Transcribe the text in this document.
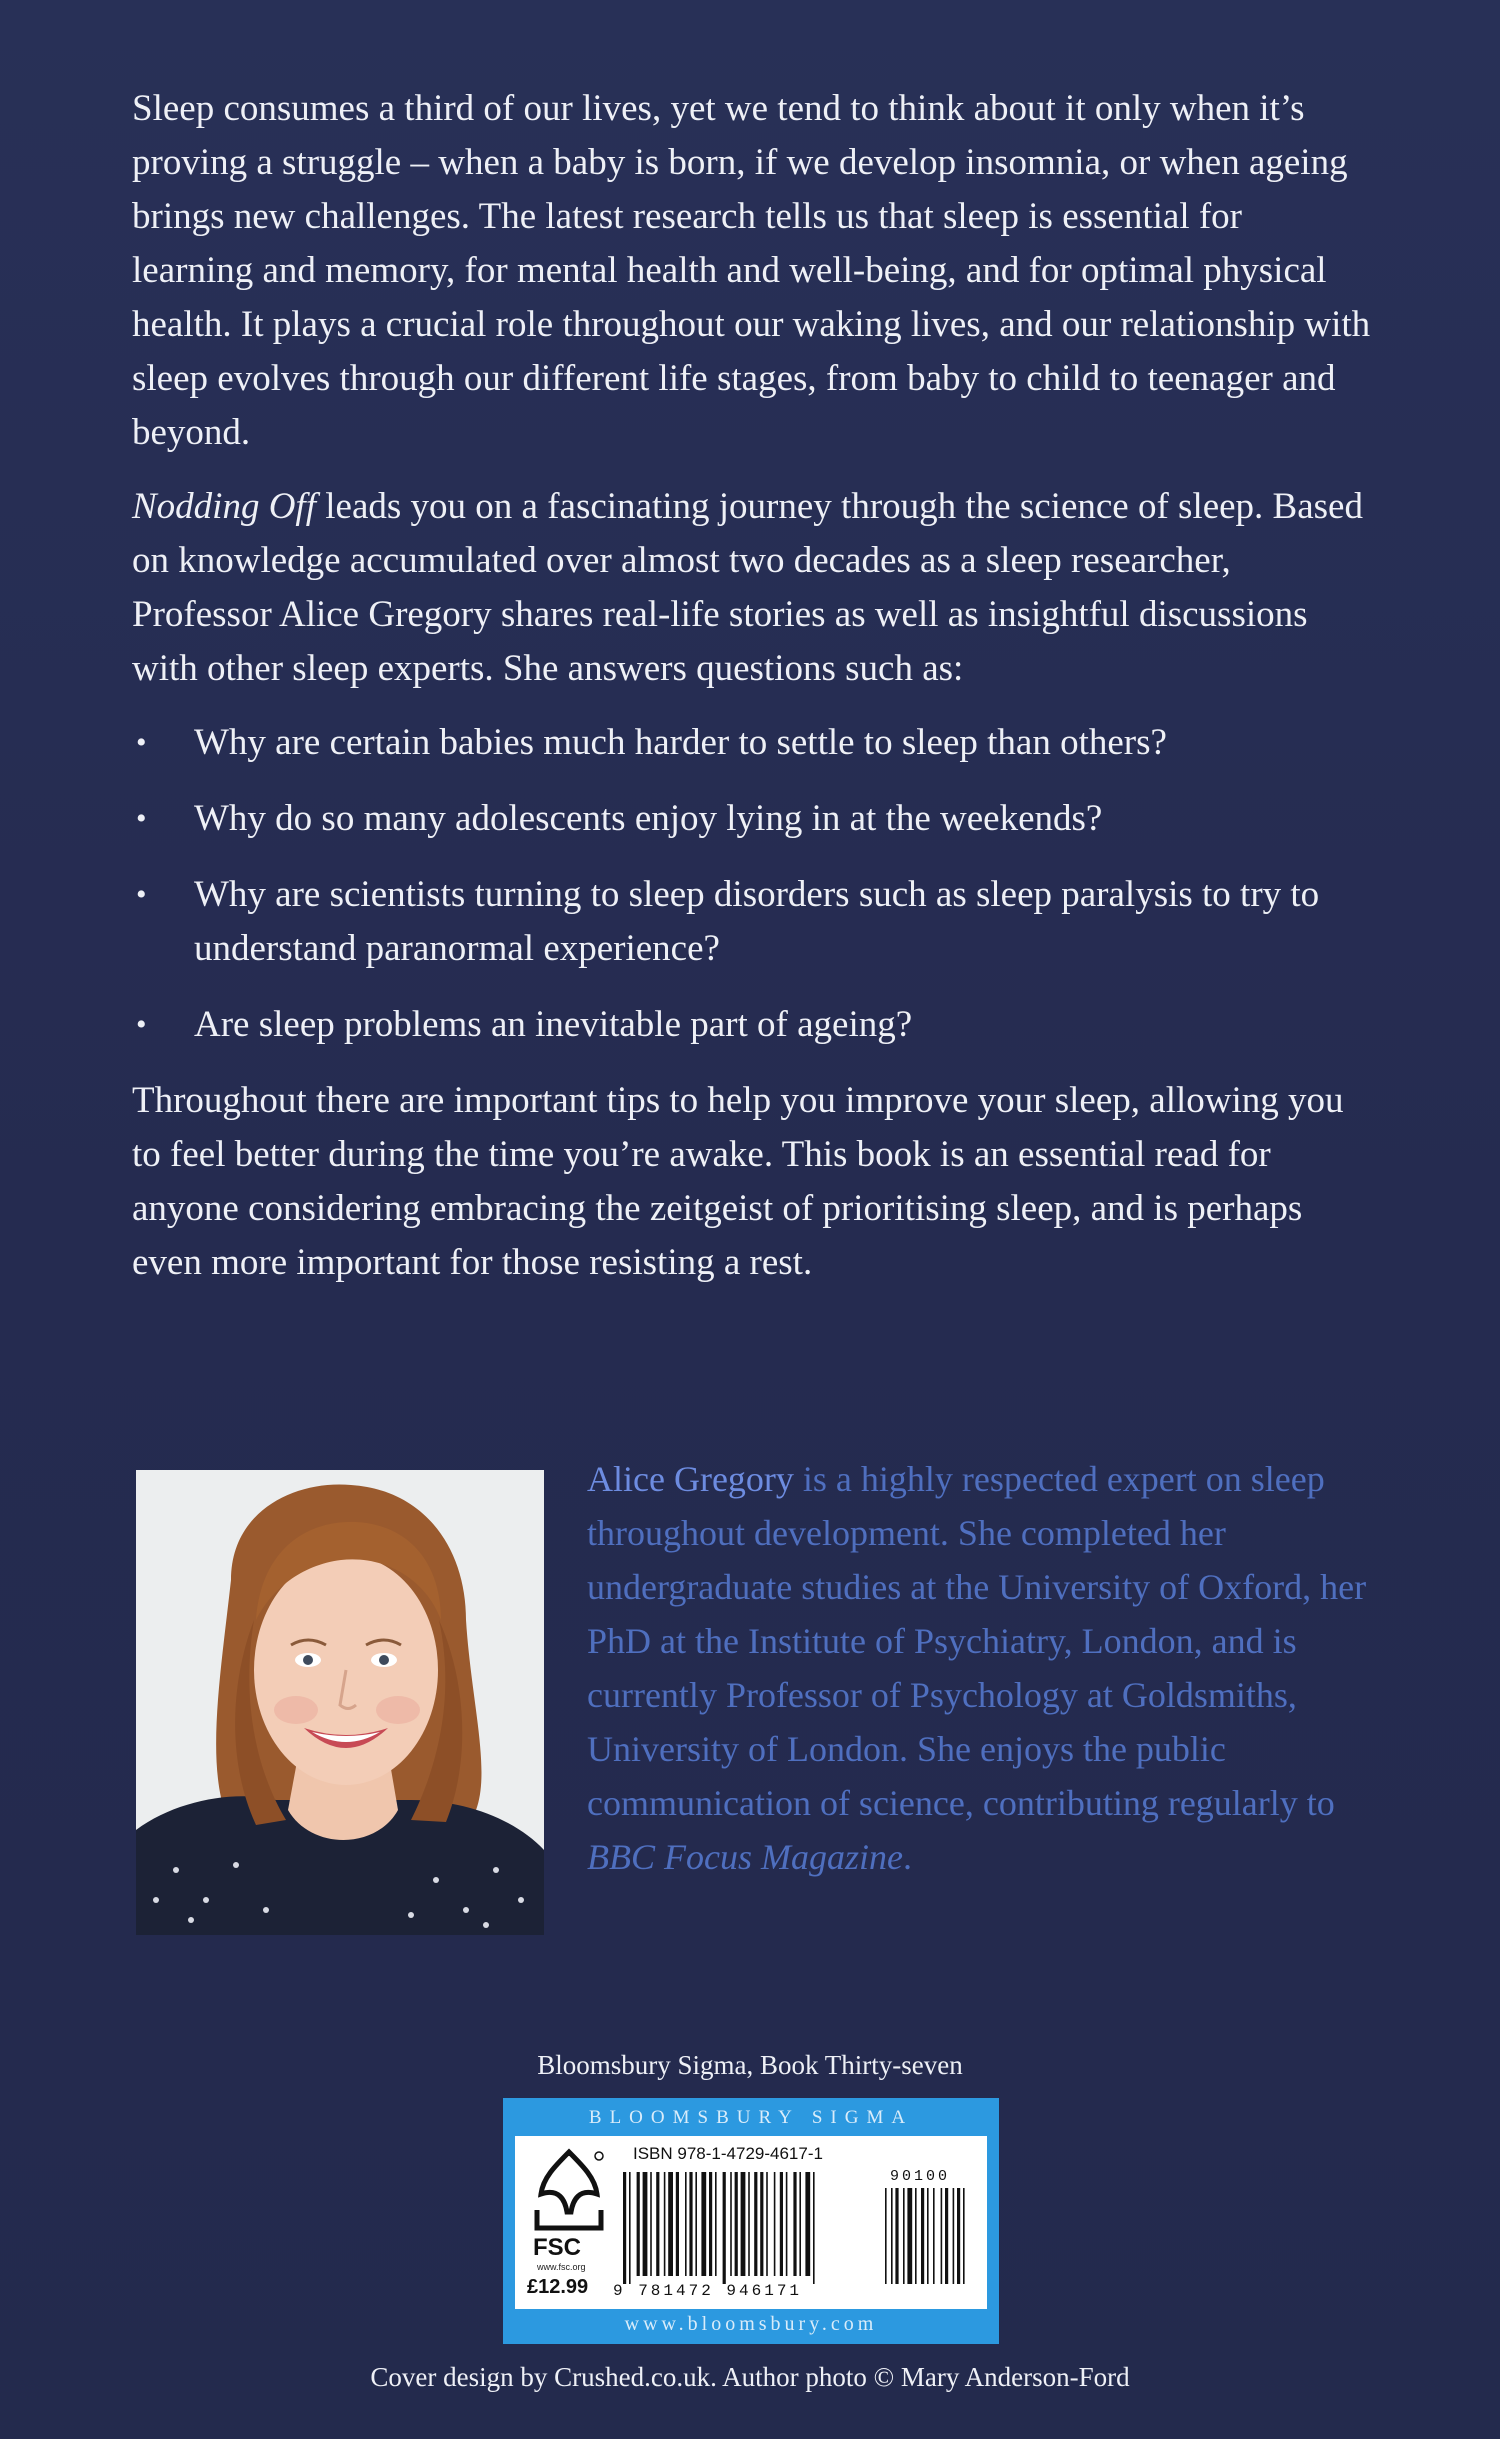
Sleep consumes a third of our lives, yet we tend to think about it only when it’s proving a struggle – when a baby is born, if we develop insomnia, or when ageing brings new challenges. The latest research tells us that sleep is essential for learning and memory, for mental health and well-being, and for optimal physical health. It plays a crucial role throughout our waking lives, and our relationship with sleep evolves through our different life stages, from baby to child to teenager and beyond.

Nodding Off leads you on a fascinating journey through the science of sleep. Based on knowledge accumulated over almost two decades as a sleep researcher, Professor Alice Gregory shares real-life stories as well as insightful discussions with other sleep experts. She answers questions such as:

• Why are certain babies much harder to settle to sleep than others?
• Why do so many adolescents enjoy lying in at the weekends?
• Why are scientists turning to sleep disorders such as sleep paralysis to try to understand paranormal experience?
• Are sleep problems an inevitable part of ageing?

Throughout there are important tips to help you improve your sleep, allowing you to feel better during the time you’re awake. This book is an essential read for anyone considering embracing the zeitgeist of prioritising sleep, and is perhaps even more important for those resisting a rest.

Alice Gregory is a highly respected expert on sleep throughout development. She completed her undergraduate studies at the University of Oxford, her PhD at the Institute of Psychiatry, London, and is currently Professor of Psychology at Goldsmiths, University of London. She enjoys the public communication of science, contributing regularly to BBC Focus Magazine.
Bloomsbury Sigma, Book Thirty-seven
BLOOMSBURY SIGMA
FSC
www.fsc.org
£12.99
ISBN 978-1-4729-4617-1
90100
9 781472 946171
www.bloomsbury.com
Cover design by Crushed.co.uk. Author photo © Mary Anderson-Ford
